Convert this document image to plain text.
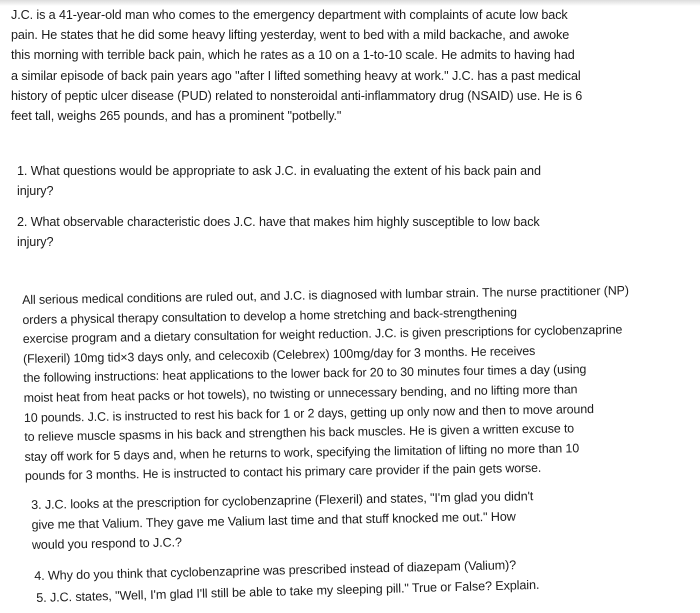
J.C. is a 41-year-old man who comes to the emergency department with complaints of acute low back
pain. He states that he did some heavy lifting yesterday, went to bed with a mild backache, and awoke
this morning with terrible back pain, which he rates as a 10 on a 1-to-10 scale. He admits to having had
a similar episode of back pain years ago "after I lifted something heavy at work." J.C. has a past medical
history of peptic ulcer disease (PUD) related to nonsteroidal anti-inflammatory drug (NSAID) use. He is 6
feet tall, weighs 265 pounds, and has a prominent "potbelly."
1. What questions would be appropriate to ask J.C. in evaluating the extent of his back pain and
injury?
2. What observable characteristic does J.C. have that makes him highly susceptible to low back
injury?
All serious medical conditions are ruled out, and J.C. is diagnosed with lumbar strain. The nurse practitioner (NP)
orders a physical therapy consultation to develop a home stretching and back-strengthening
exercise program and a dietary consultation for weight reduction. J.C. is given prescriptions for cyclobenzaprine
(Flexeril) 10mg tid×3 days only, and celecoxib (Celebrex) 100mg/day for 3 months. He receives
the following instructions: heat applications to the lower back for 20 to 30 minutes four times a day (using
moist heat from heat packs or hot towels), no twisting or unnecessary bending, and no lifting more than
10 pounds. J.C. is instructed to rest his back for 1 or 2 days, getting up only now and then to move around
to relieve muscle spasms in his back and strengthen his back muscles. He is given a written excuse to
stay off work for 5 days and, when he returns to work, specifying the limitation of lifting no more than 10
pounds for 3 months. He is instructed to contact his primary care provider if the pain gets worse.
3. J.C. looks at the prescription for cyclobenzaprine (Flexeril) and states, "I'm glad you didn't
give me that Valium. They gave me Valium last time and that stuff knocked me out." How
would you respond to J.C.?
4. Why do you think that cyclobenzaprine was prescribed instead of diazepam (Valium)?
5. J.C. states, "Well, I'm glad I'll still be able to take my sleeping pill." True or False? Explain.
